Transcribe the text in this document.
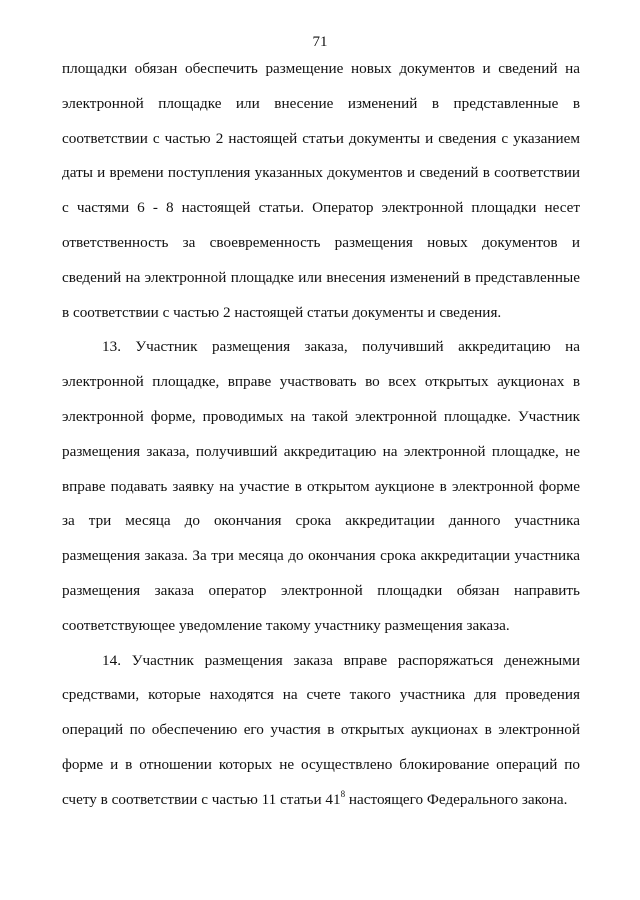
71

площадки обязан обеспечить размещение новых документов и сведений на электронной площадке или внесение изменений в представленные в соответствии с частью 2 настоящей статьи документы и сведения с указанием даты и времени поступления указанных документов и сведений в соответствии с частями 6 - 8 настоящей статьи. Оператор электронной площадки несет ответственность за своевременность размещения новых документов и сведений на электронной площадке или внесения изменений в представленные в соответствии с частью 2 настоящей статьи документы и сведения.

13. Участник размещения заказа, получивший аккредитацию на электронной площадке, вправе участвовать во всех открытых аукционах в электронной форме, проводимых на такой электронной площадке. Участник размещения заказа, получивший аккредитацию на электронной площадке, не вправе подавать заявку на участие в открытом аукционе в электронной форме за три месяца до окончания срока аккредитации данного участника размещения заказа. За три месяца до окончания срока аккредитации участника размещения заказа оператор электронной площадки обязан направить соответствующее уведомление такому участнику размещения заказа.

14. Участник размещения заказа вправе распоряжаться денежными средствами, которые находятся на счете такого участника для проведения операций по обеспечению его участия в открытых аукционах в электронной форме и в отношении которых не осуществлено блокирование операций по счету в соответствии с частью 11 статьи $41^8$ настоящего Федерального закона.
